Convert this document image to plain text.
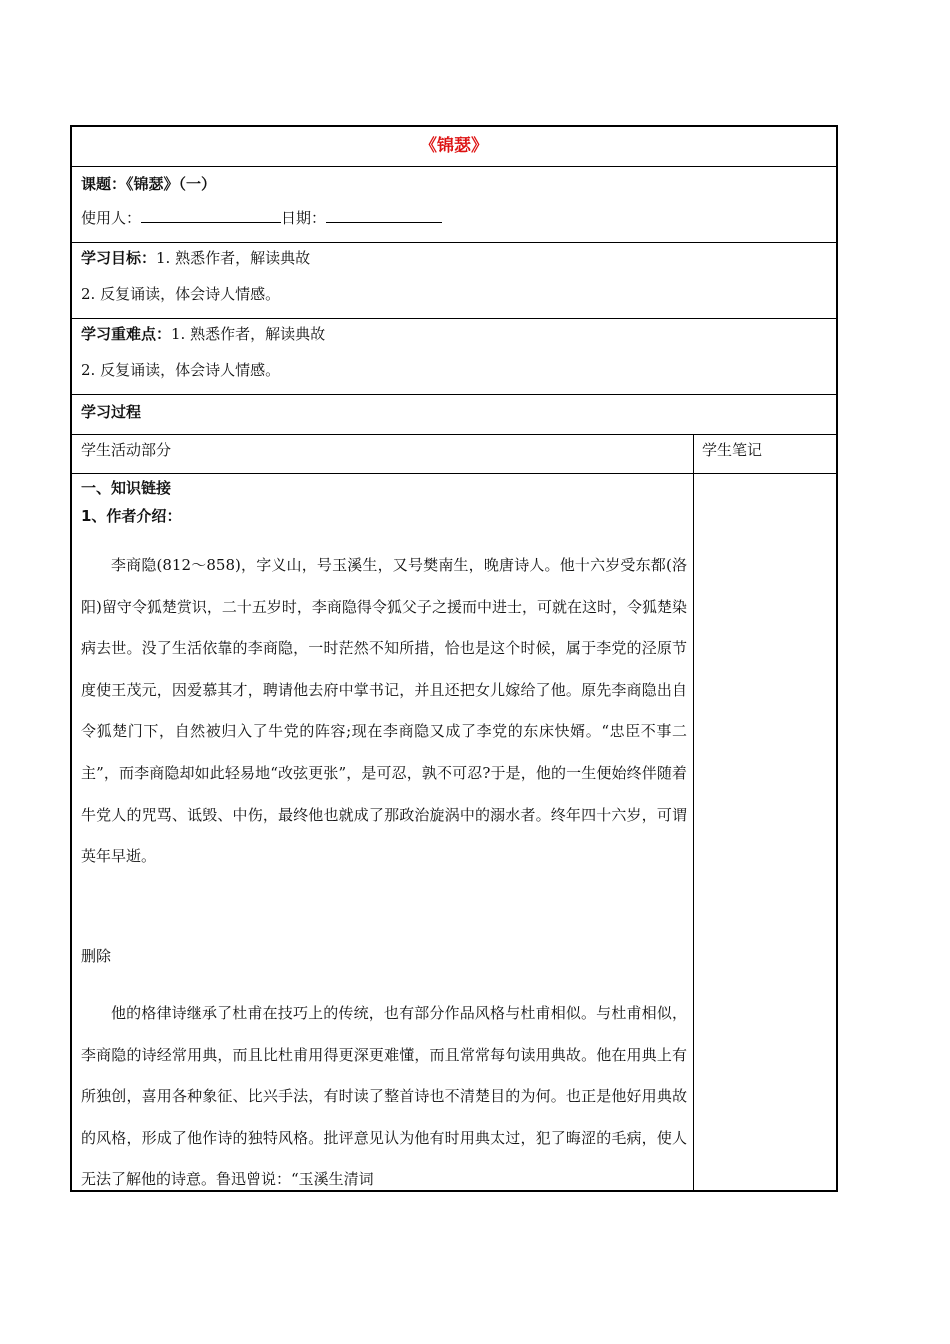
《锦瑟》
课题：《锦瑟》（一）
使用人：	日期：
学习目标：1. 熟悉作者，解读典故
2. 反复诵读，体会诗人情感。
学习重难点：1. 熟悉作者，解读典故
2. 反复诵读，体会诗人情感。
学习过程
学生活动部分	学生笔记
一、知识链接
1、作者介绍：

李商隐(812～858)，字义山，号玉溪生，又号樊南生，晚唐诗人。他十六岁受东都(洛阳)留守令狐楚赏识，二十五岁时，李商隐得令狐父子之援而中进士，可就在这时，令狐楚染病去世。没了生活依靠的李商隐，一时茫然不知所措，恰也是这个时候，属于李党的泾原节度使王茂元，因爱慕其才，聘请他去府中掌书记，并且还把女儿嫁给了他。原先李商隐出自令狐楚门下，自然被归入了牛党的阵容;现在李商隐又成了李党的东床快婿。“忠臣不事二主”，而李商隐却如此轻易地“改弦更张”，是可忍，孰不可忍?于是，他的一生便始终伴随着牛党人的咒骂、诋毁、中伤，最终他也就成了那政治旋涡中的溺水者。终年四十六岁，可谓英年早逝。

删除

他的格律诗继承了杜甫在技巧上的传统，也有部分作品风格与杜甫相似。与杜甫相似，李商隐的诗经常用典，而且比杜甫用得更深更难懂，而且常常每句读用典故。他在用典上有所独创，喜用各种象征、比兴手法，有时读了整首诗也不清楚目的为何。也正是他好用典故的风格，形成了他作诗的独特风格。批评意见认为他有时用典太过，犯了晦涩的毛病，使人无法了解他的诗意。鲁迅曾说：“玉溪生清词
